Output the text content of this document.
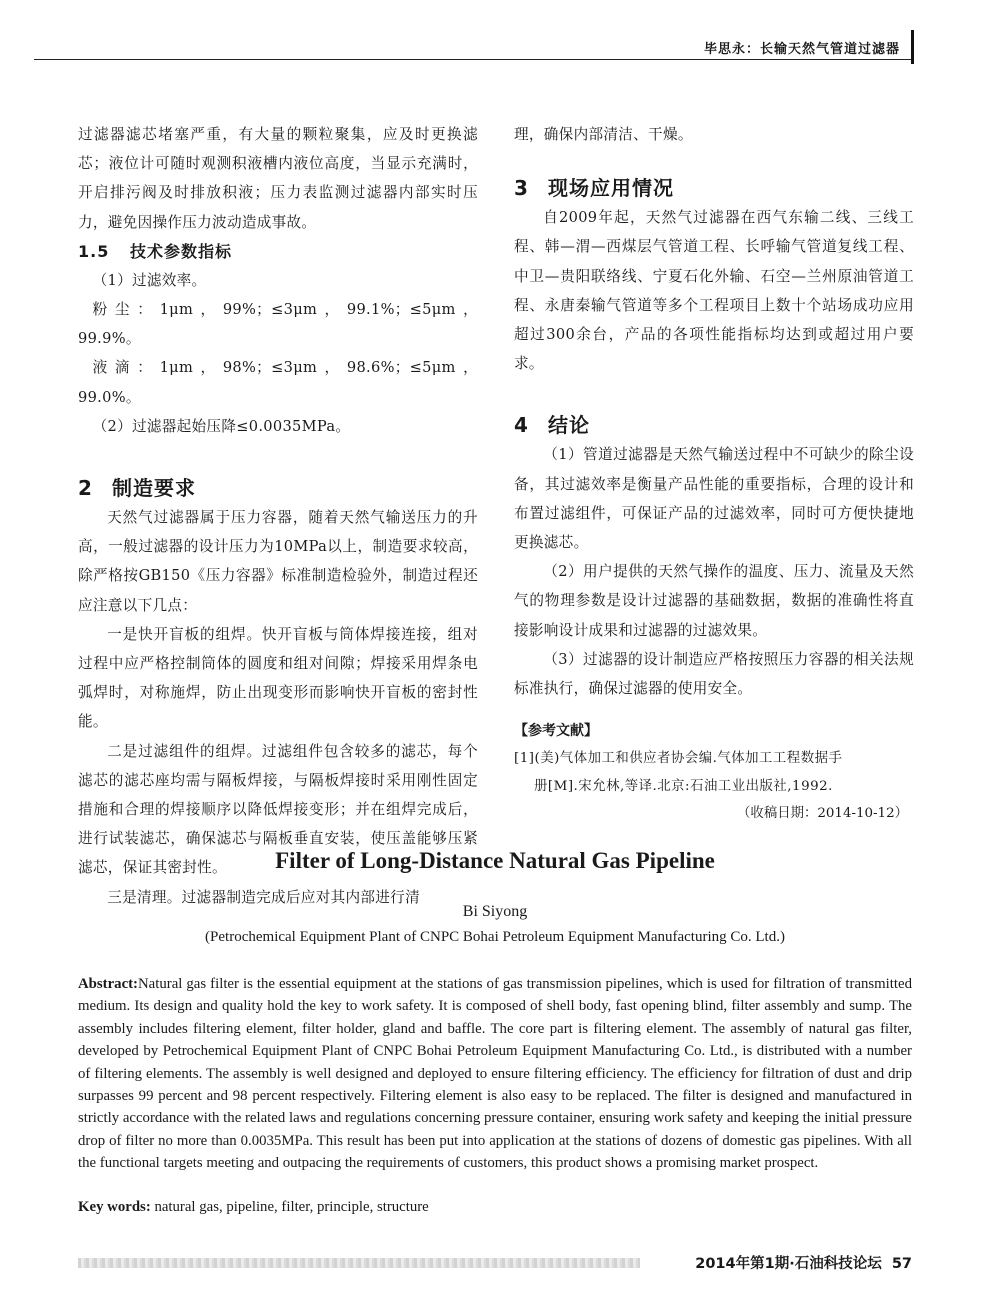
毕思永：长输天然气管道过滤器

过滤器滤芯堵塞严重，有大量的颗粒聚集，应及时更换滤芯；液位计可随时观测积液槽内液位高度，当显示充满时，开启排污阀及时排放积液；压力表监测过滤器内部实时压力，避免因操作压力波动造成事故。

1.5 技术参数指标

（1）过滤效率。

粉尘：1μm，99%；≤3μm，99.1%；≤5μm，99.9%。

液滴：1μm，98%；≤3μm，98.6%；≤5μm，99.0%。

（2）过滤器起始压降≤0.0035MPa。

2 制造要求

天然气过滤器属于压力容器，随着天然气输送压力的升高，一般过滤器的设计压力为10MPa以上，制造要求较高，除严格按GB150《压力容器》标准制造检验外，制造过程还应注意以下几点：

一是快开盲板的组焊。快开盲板与筒体焊接连接，组对过程中应严格控制筒体的圆度和组对间隙；焊接采用焊条电弧焊时，对称施焊，防止出现变形而影响快开盲板的密封性能。

二是过滤组件的组焊。过滤组件包含较多的滤芯，每个滤芯的滤芯座均需与隔板焊接，与隔板焊接时采用刚性固定措施和合理的焊接顺序以降低焊接变形；并在组焊完成后，进行试装滤芯，确保滤芯与隔板垂直安装，使压盖能够压紧滤芯，保证其密封性。

三是清理。过滤器制造完成后应对其内部进行清

理，确保内部清洁、干燥。

3 现场应用情况

自2009年起，天然气过滤器在西气东输二线、三线工程、韩—渭—西煤层气管道工程、长呼输气管道复线工程、中卫—贵阳联络线、宁夏石化外输、石空—兰州原油管道工程、永唐秦输气管道等多个工程项目上数十个站场成功应用超过300余台，产品的各项性能指标均达到或超过用户要求。

4 结论

（1）管道过滤器是天然气输送过程中不可缺少的除尘设备，其过滤效率是衡量产品性能的重要指标，合理的设计和布置过滤组件，可保证产品的过滤效率，同时可方便快捷地更换滤芯。

（2）用户提供的天然气操作的温度、压力、流量及天然气的物理参数是设计过滤器的基础数据，数据的准确性将直接影响设计成果和过滤器的过滤效果。

（3）过滤器的设计制造应严格按照压力容器的相关法规标准执行，确保过滤器的使用安全。

【参考文献】
[1](美)气体加工和供应者协会编.气体加工工程数据手
册[M].宋允林,等译.北京:石油工业出版社,1992.
（收稿日期：2014-10-12）
Filter of Long-Distance Natural Gas Pipeline
Bi Siyong
(Petrochemical Equipment Plant of CNPC Bohai Petroleum Equipment Manufacturing Co. Ltd.)
Abstract:Natural gas filter is the essential equipment at the stations of gas transmission pipelines, which is used for filtration of transmitted medium. Its design and quality hold the key to work safety. It is composed of shell body, fast opening blind, filter assembly and sump. The assembly includes filtering element, filter holder, gland and baffle. The core part is filtering element. The assembly of natural gas filter, developed by Petrochemical Equipment Plant of CNPC Bohai Petroleum Equipment Manufacturing Co. Ltd., is distributed with a number of filtering elements. The assembly is well designed and deployed to ensure filtering efficiency. The efficiency for filtration of dust and drip surpasses 99 percent and 98 percent respectively. Filtering element is also easy to be replaced. The filter is designed and manufactured in strictly accordance with the related laws and regulations concerning pressure container, ensuring work safety and keeping the initial pressure drop of filter no more than 0.0035MPa. This result has been put into application at the stations of dozens of domestic gas pipelines. With all the functional targets meeting and outpacing the requirements of customers, this product shows a promising market prospect.
Key words: natural gas, pipeline, filter, principle, structure
2014年第1期·石油科技论坛 57
